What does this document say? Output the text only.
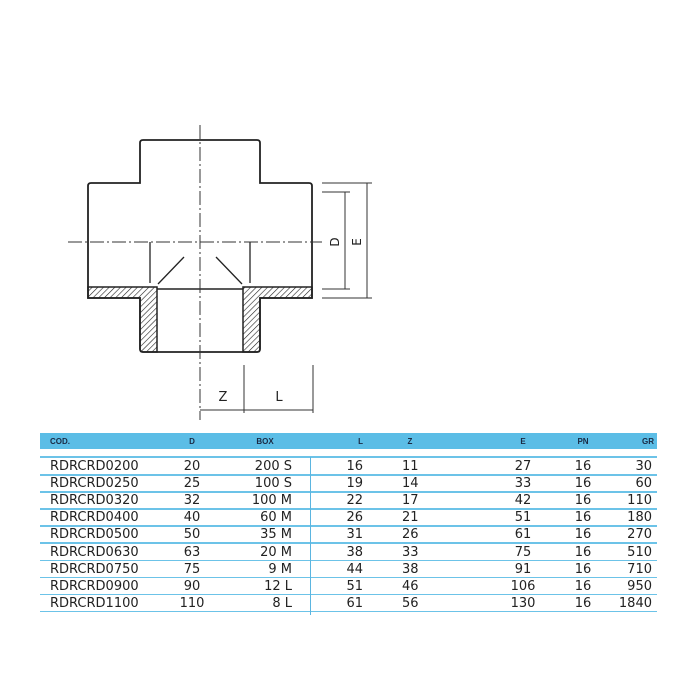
D E
Z	L
COD.	D	BOX	L	Z	E	PN	GR
RDRCRD0200	20	200 S	16	11	27	16	30
RDRCRD0250	25	100 S	19	14	33	16	60
RDRCRD0320	32	100 M	22	17	42	16	110
RDRCRD0400	40	60 M	26	21	51	16	180
RDRCRD0500	50	35 M	31	26	61	16	270
RDRCRD0630	63	20 M	38	33	75	16	510
RDRCRD0750	75	9 M	44	38	91	16	710
RDRCRD0900	90	12 L	51	46	106	16	950
RDRCRD1100	110	8 L	61	56	130	16	1840
